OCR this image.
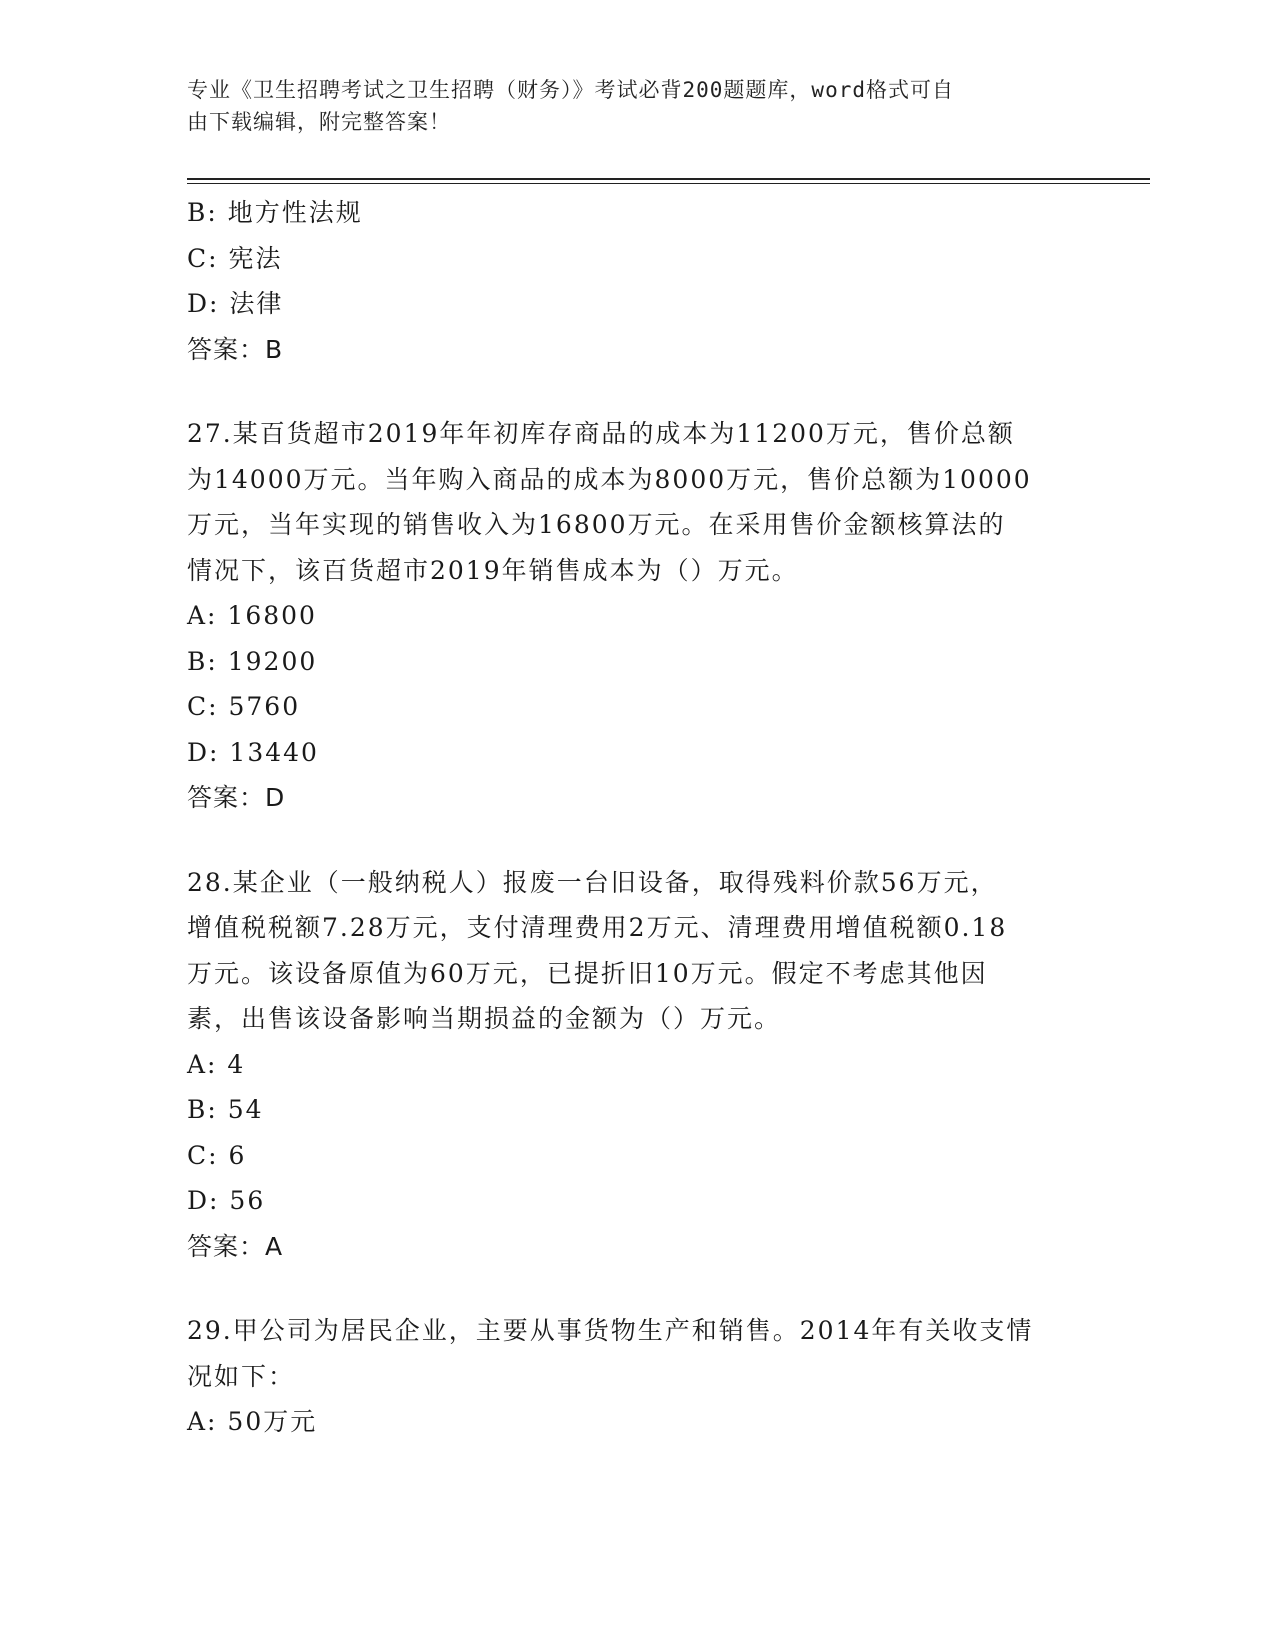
专业《卫生招聘考试之卫生招聘（财务）》考试必背200题题库，word格式可自
由下载编辑，附完整答案！
B: 地方性法规
C: 宪法
D: 法律
答案：B
27.某百货超市2019年年初库存商品的成本为11200万元，售价总额
为14000万元。当年购入商品的成本为8000万元，售价总额为10000
万元，当年实现的销售收入为16800万元。在采用售价金额核算法的
情况下，该百货超市2019年销售成本为（）万元。
A: 16800
B: 19200
C: 5760
D: 13440
答案：D
28.某企业（一般纳税人）报废一台旧设备，取得残料价款56万元，
增值税税额7.28万元，支付清理费用2万元、清理费用增值税额0.18
万元。该设备原值为60万元，已提折旧10万元。假定不考虑其他因
素，出售该设备影响当期损益的金额为（）万元。
A: 4
B: 54
C: 6
D: 56
答案：A
29.甲公司为居民企业，主要从事货物生产和销售。2014年有关收支情
况如下：
A: 50万元
